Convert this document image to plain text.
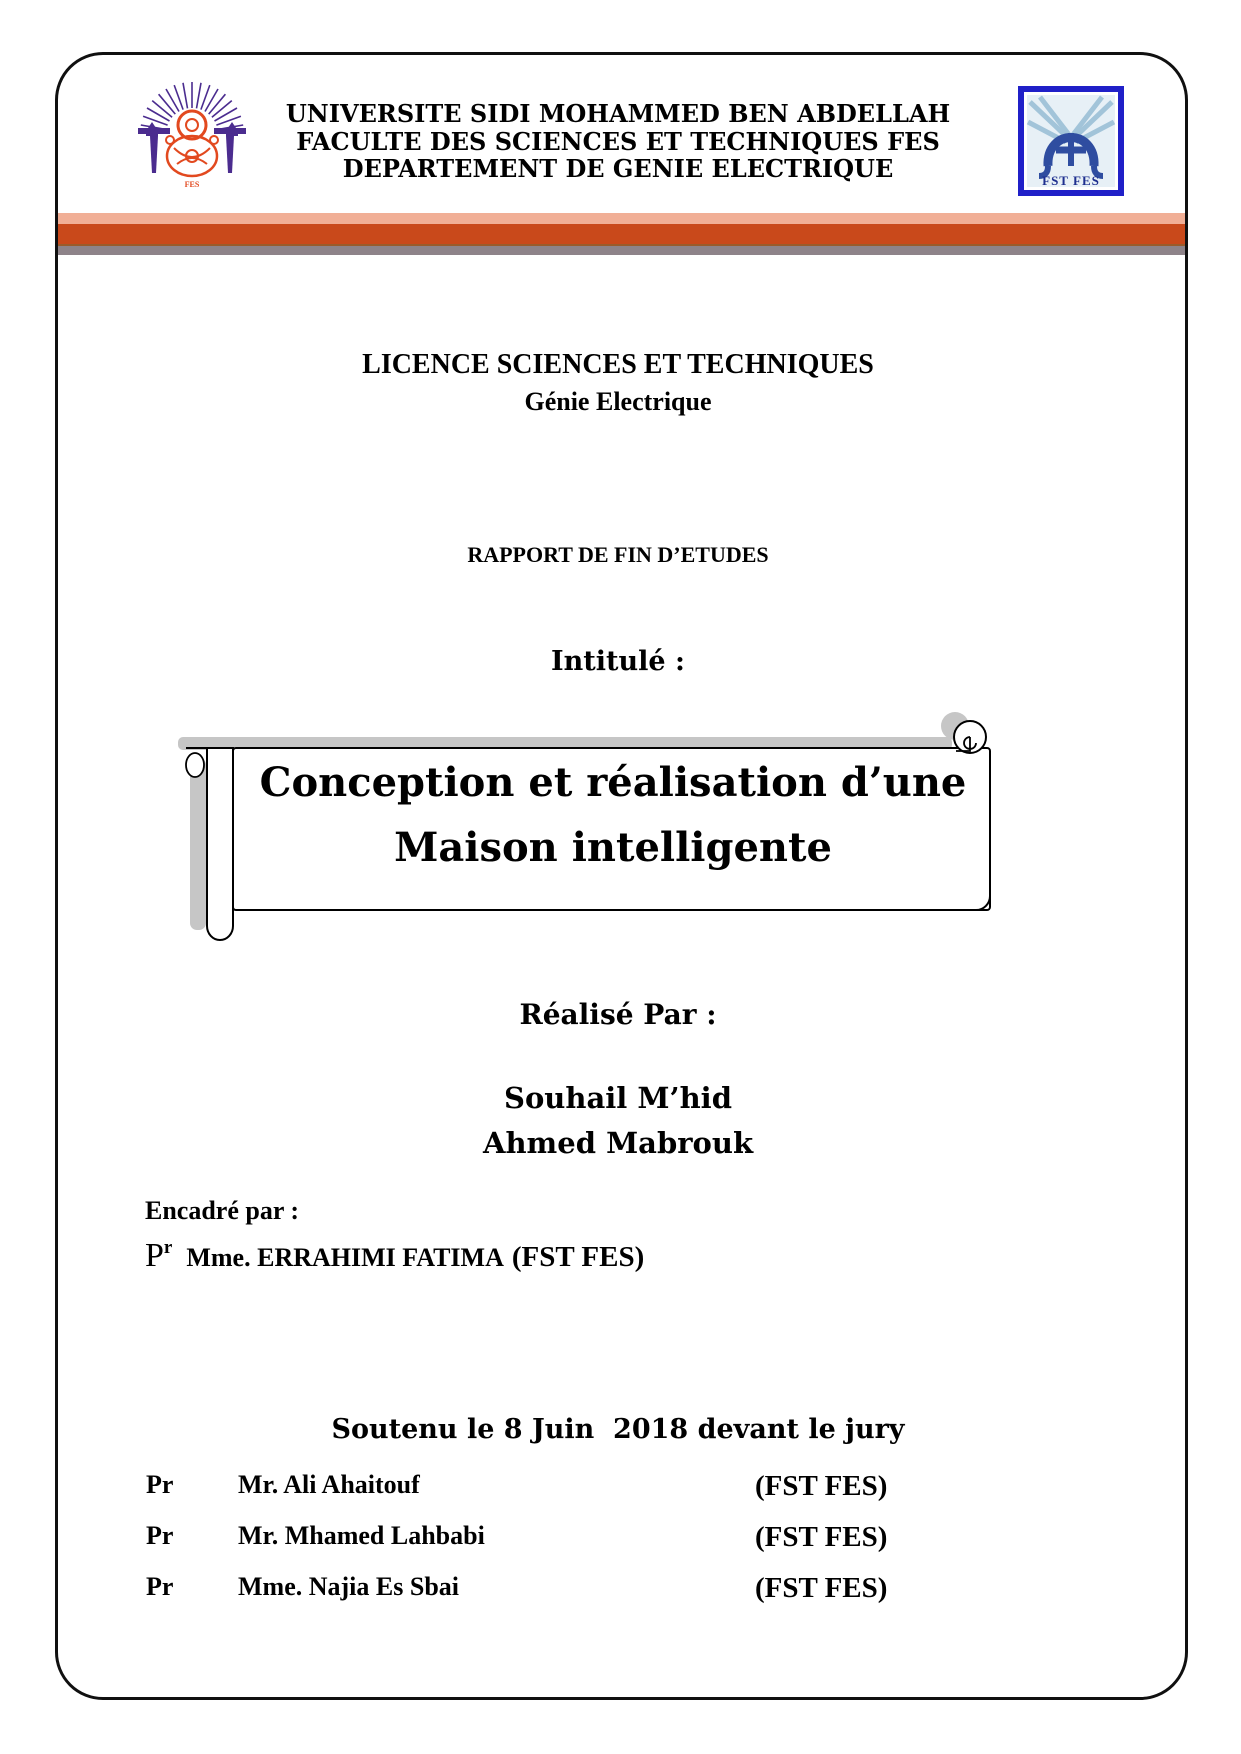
FES	FST FES
UNIVERSITE SIDI MOHAMMED BEN ABDELLAH
FACULTE DES SCIENCES ET TECHNIQUES FES
DEPARTEMENT DE GENIE ELECTRIQUE
LICENCE SCIENCES ET TECHNIQUES
Génie Electrique
RAPPORT DE FIN D’ETUDES
Intitulé :
Conception et réalisation d’une
Maison intelligente
Réalisé Par :
Souhail M’hid
Ahmed Mabrouk
Encadré par :
Pr Mme. ERRAHIMI FATIMA (FST FES)
Soutenu le 8 Juin  2018 devant le jury
Pr Mr. Ali Ahaitouf	(FST FES)
Pr Mr. Mhamed Lahbabi	(FST FES)
Pr Mme. Najia Es Sbai	(FST FES)
